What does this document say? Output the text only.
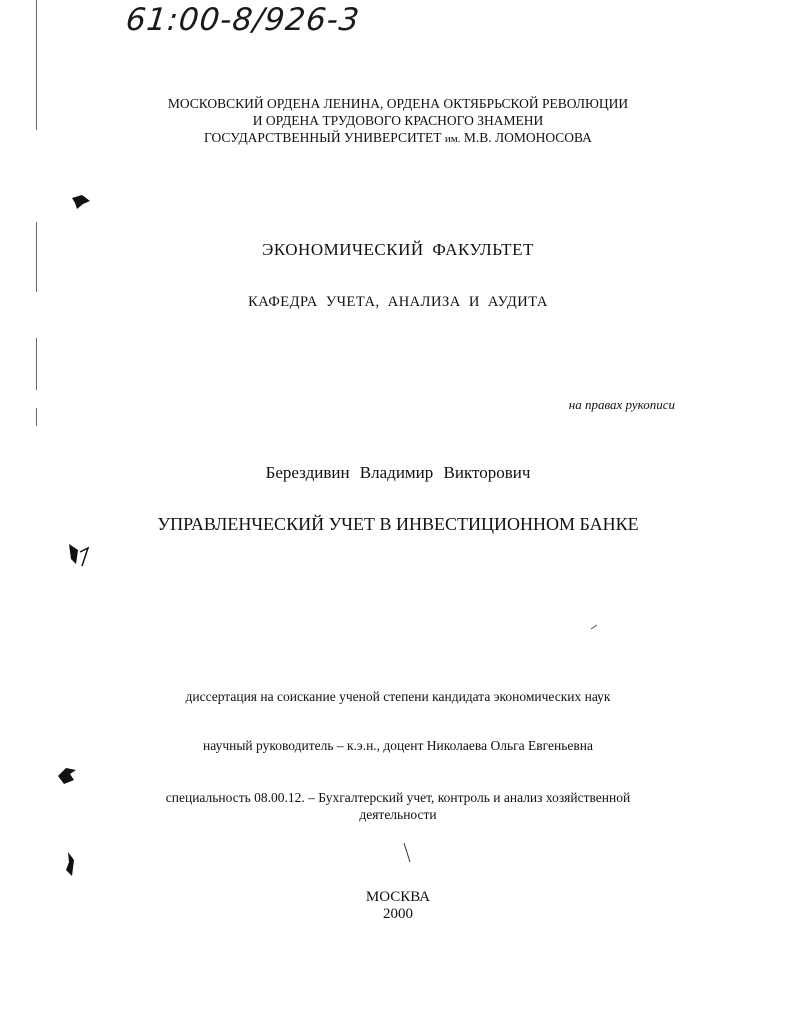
61:00-8/926-3
МОСКОВСКИЙ ОРДЕНА ЛЕНИНА, ОРДЕНА ОКТЯБРЬСКОЙ РЕВОЛЮЦИИ
И ОРДЕНА ТРУДОВОГО КРАСНОГО ЗНАМЕНИ
ГОСУДАРСТВЕННЫЙ УНИВЕРСИТЕТ им. М.В. ЛОМОНОСОВА
ЭКОНОМИЧЕСКИЙ ФАКУЛЬТЕТ
КАФЕДРА УЧЕТА, АНАЛИЗА И АУДИТА
на правах рукописи
Берездивин Владимир Викторович
УПРАВЛЕНЧЕСКИЙ УЧЕТ В ИНВЕСТИЦИОННОМ БАНКЕ
диссертация на соискание ученой степени кандидата экономических наук
научный руководитель – к.э.н., доцент Николаева Ольга Евгеньевна
специальность 08.00.12. – Бухгалтерский учет, контроль и анализ хозяйственной
деятельности
МОСКВА
2000
